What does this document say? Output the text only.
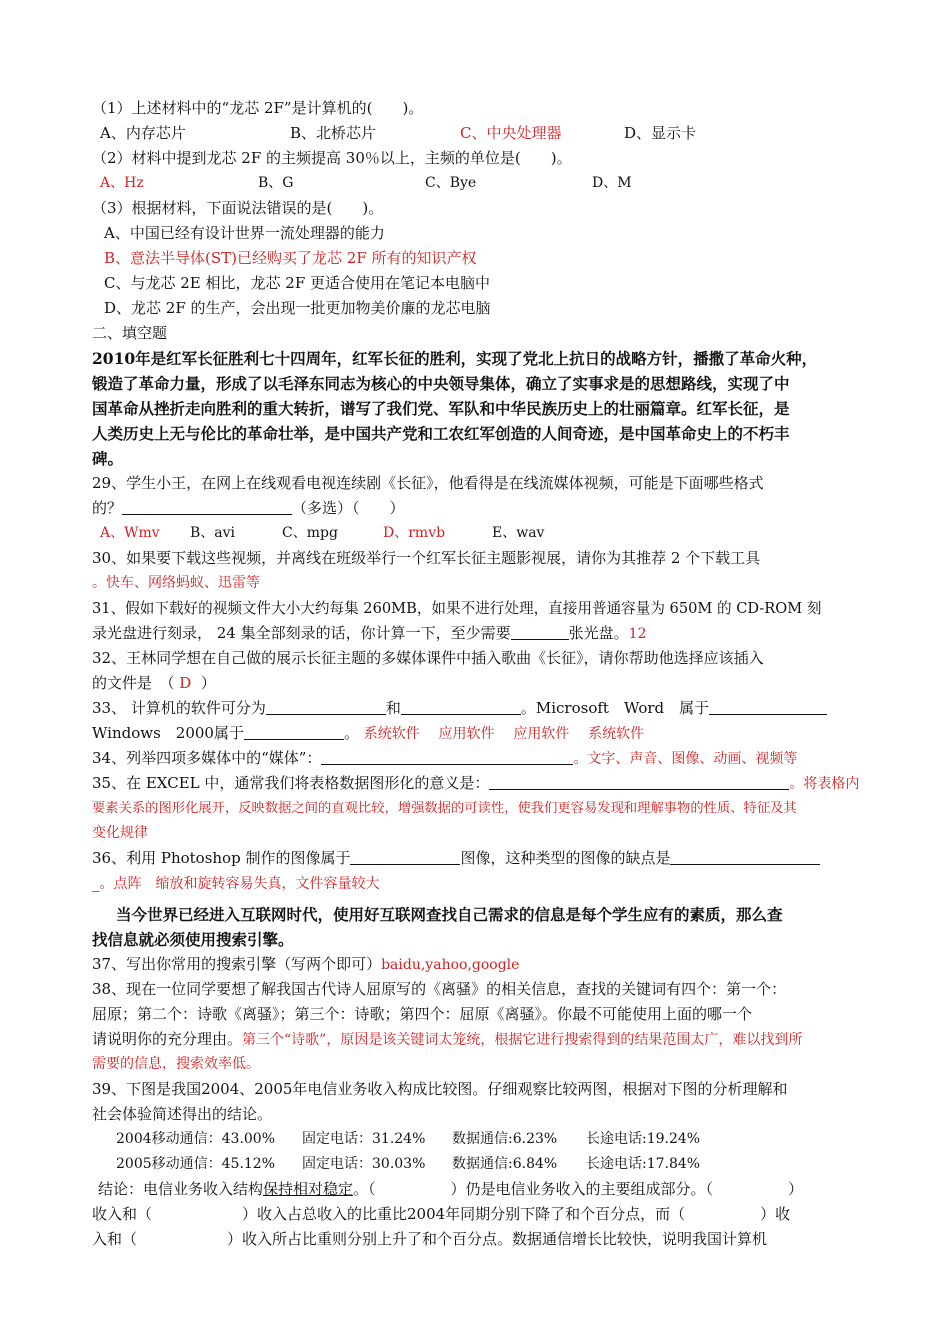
（1）上述材料中的“龙芯 2F”是计算机的(　　)。
A、内存芯片	B、北桥芯片	C、中央处理器	D、显示卡
（2）材料中提到龙芯 2F 的主频提高 30％以上，主频的单位是(　　)。
A、Hz	B、G	C、Bye	D、M
（3）根据材料，下面说法错误的是(　　)。
A、中国已经有设计世界一流处理器的能力
B、意法半导体(ST)已经购买了龙芯 2F 所有的知识产权
C、与龙芯 2E 相比，龙芯 2F 更适合使用在笔记本电脑中
D、龙芯 2F 的生产，会出现一批更加物美价廉的龙芯电脑
二、填空题
2010年是红军长征胜利七十四周年，红军长征的胜利，实现了党北上抗日的战略方针，播撒了革命火种，
锻造了革命力量，形成了以毛泽东同志为核心的中央领导集体，确立了实事求是的思想路线，实现了中
国革命从挫折走向胜利的重大转折，谱写了我们党、军队和中华民族历史上的壮丽篇章。红军长征，是
人类历史上无与伦比的革命壮举，是中国共产党和工农红军创造的人间奇迹，是中国革命史上的不朽丰
碑。
29、学生小王，在网上在线观看电视连续剧《长征》，他看得是在线流媒体视频，可能是下面哪些格式
的？	（多选）（　　）
A、Wmv B、avi	C、mpg	D、rmvb	E、wav
30、如果要下载这些视频，并离线在班级举行一个红军长征主题影视展，请你为其推荐 2 个下载工具
。快车、网络蚂蚁、迅雷等
31、假如下载好的视频文件大小大约每集 260MB，如果不进行处理，直接用普通容量为 650M 的 CD-ROM 刻
录光盘进行刻录， 24 集全部刻录的话，你计算一下，至少需要	张光盘。12
32、王林同学想在自己做的展示长征主题的多媒体课件中插入歌曲《长征》，请你帮助他选择应该插入
的文件是　（ D ）
33、 计算机的软件可分为	和	。Microsoft　Word　属于
Windows　2000属于	。 系统软件 应用软件 应用软件 系统软件
34、列举四项多媒体中的“媒体”：	。文字、声音、图像、动画、视频等
35、在 EXCEL 中，通常我们将表格数据图形化的意义是：	。将表格内
要素关系的图形化展开，反映数据之间的直观比较，增强数据的可读性，使我们更容易发现和理解事物的性质、特征及其
变化规律
36、利用 Photoshop 制作的图像属于	图像，这种类型的图像的缺点是
_。点阵　缩放和旋转容易失真，文件容量较大
当今世界已经进入互联网时代，使用好互联网查找自己需求的信息是每个学生应有的素质，那么查
找信息就必须使用搜索引擎。
37、写出你常用的搜索引擎（写两个即可）baidu,yahoo,google
38、现在一位同学要想了解我国古代诗人屈原写的《离骚》的相关信息，查找的关键词有四个：第一个：
屈原；第二个：诗歌《离骚》；第三个：诗歌；第四个：屈原《离骚》。你最不可能使用上面的哪一个
请说明你的充分理由。第三个“诗歌”，原因是该关键词太笼统，根据它进行搜索得到的结果范围太广，难以找到所
需要的信息，搜索效率低。
39、下图是我国2004、2005年电信业务收入构成比较图。仔细观察比较两图，根据对下图的分析理解和
社会体验简述得出的结论。
2004移动通信：43.00% 固定电话：31.24% 数据通信:6.23% 长途电话:19.24%
2005移动通信：45.12% 固定电话：30.03% 数据通信:6.84% 长途电话:17.84%
结论：电信业务收入结构保持相对稳定。（　　　　　）仍是电信业务收入的主要组成部分。（　　　　　）
收入和（　　　　　　）收入占总收入的比重比2004年同期分别下降了和个百分点，而（　　　　　）收
入和（　　　　　　）收入所占比重则分别上升了和个百分点。数据通信增长比较快，说明我国计算机
